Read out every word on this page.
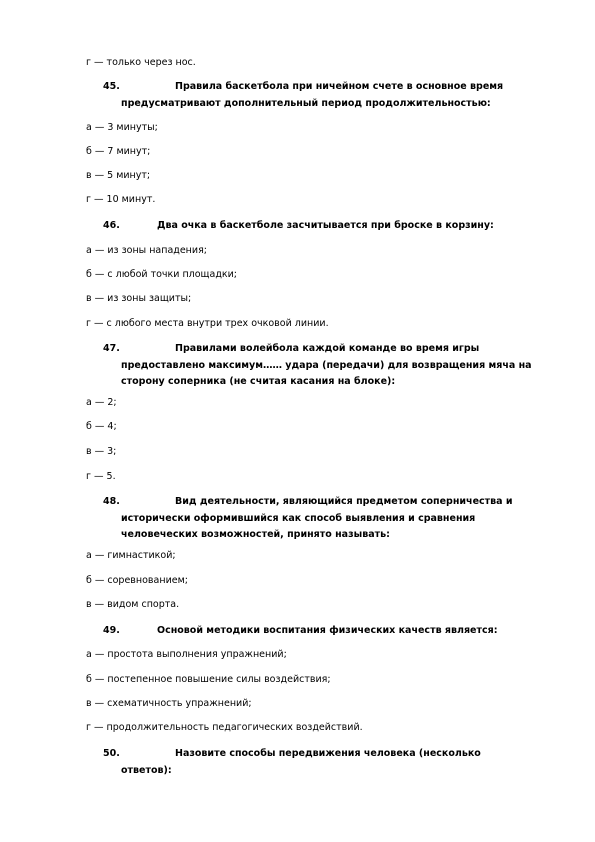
г — только через нос.
45.	Правила баскетбола при ничейном счете в основное время предусматривают дополнительный период продолжительностью:
а — 3 минуты;
б — 7 минут;
в — 5 минут;
г — 10 минут.
46.	Два очка в баскетболе засчитывается при броске в корзину:
а — из зоны нападения;
б — с любой точки площадки;
в — из зоны защиты;
г — с любого места внутри трех очковой линии.
47.	Правилами волейбола каждой команде во время игры предоставлено максимум…… удара (передачи) для возвращения мяча на сторону соперника (не считая касания на блоке):
а — 2;
б — 4;
в — 3;
г — 5.
48.	Вид деятельности, являющийся предметом соперничества и исторически оформившийся как способ выявления и сравнения человеческих возможностей, принято называть:
а — гимнастикой;
б — соревнованием;
в — видом спорта.
49.	Основой методики воспитания физических качеств является:
а — простота выполнения упражнений;
б — постепенное повышение силы воздействия;
в — схематичность упражнений;
г — продолжительность педагогических воздействий.
50.	Назовите способы передвижения человека (несколько ответов):
